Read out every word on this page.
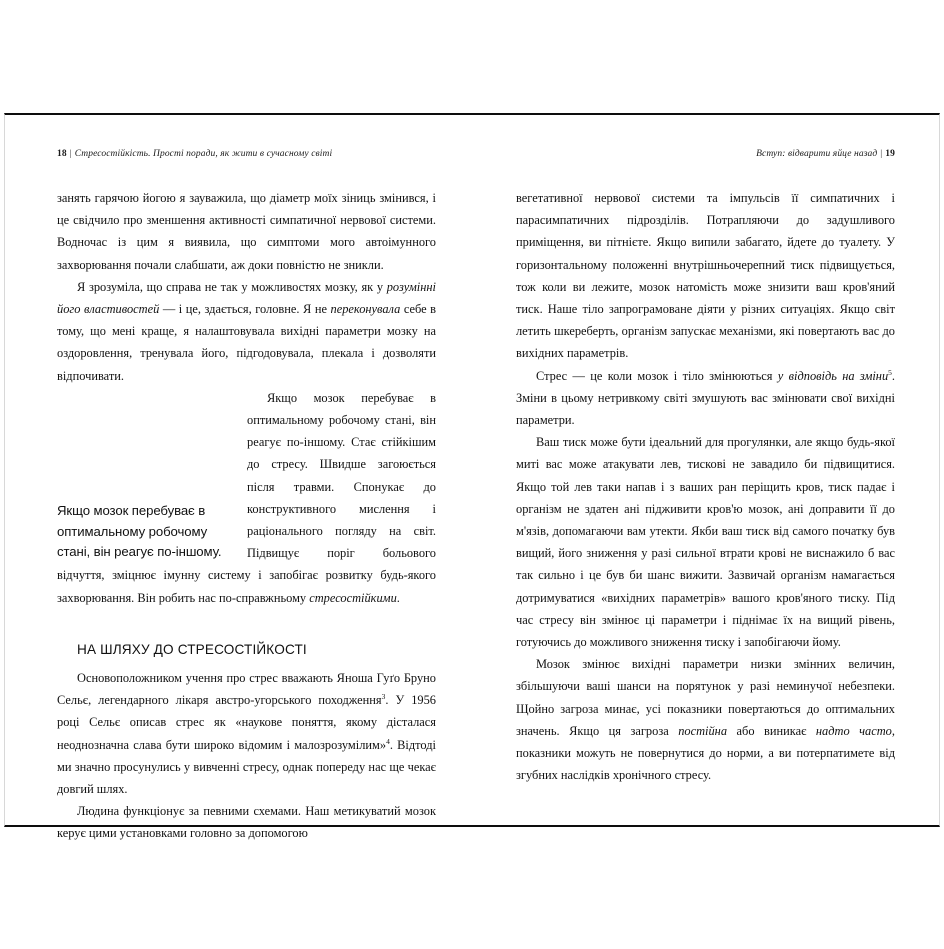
18 | Стресостійкість. Прості поради, як жити в сучасному світі

занять гарячою йогою я зауважила, що діаметр моїх зіниць змінився, і це свідчило про зменшення активності симпатичної нервової системи. Водночас із цим я виявила, що симптоми мого автоімунного захворювання почали слабшати, аж доки повністю не зникли.

Я зрозуміла, що справа не так у можливостях мозку, як у розумінні його властивостей — і це, здається, головне. Я не переконувала себе в тому, що мені краще, я налаштовувала вихідні параметри мозку на оздоровлення, тренувала його, підгодовувала, плекала і дозволяти відпочивати.

Якщо мозок перебуває в оптимальному робочому стані, він реагує по-іншому. Стає стійкішим до стресу. Швидше загоюється після травми. Спонукає до конструктивного мислення і раціонального погляду на світ. Підвищує поріг больового відчуття, зміцнює імунну систему і запобігає розвитку будь-якого захворювання. Він робить нас по-справжньому стресостійкими.

НА ШЛЯХУ ДО СТРЕСОСТІЙКОСТІ

Основоположником учення про стрес вважають Яноша Гуґо Бруно Сельє, легендарного лікаря австро-угорського походження$^3$. У 1956 році Сельє описав стрес як «наукове поняття, якому дісталася неоднозначна слава бути широко відомим і малозрозумілим»$^4$. Відтоді ми значно просунулись у вивченні стресу, однак попереду нас ще чекає довгий шлях.

Людина функціонує за певними схемами. Наш метикуватий мозок керує цими установками головно за допомогою

Якщо мозок перебуває в оптимальному робочому стані, він реагує по-іншому.
Вступ: відварити яйце назад | 19

вегетативної нервової системи та імпульсів її симпатичних і парасимпатичних підрозділів. Потрапляючи до задушливого приміщення, ви пітнієте. Якщо випили забагато, йдете до туалету. У горизонтальному положенні внутрішньочерепний тиск підвищується, тож коли ви лежите, мозок натомість може знизити ваш кров'яний тиск. Наше тіло запрограмоване діяти у різних ситуаціях. Якщо світ летить шкереберть, організм запускає механізми, які повертають вас до вихідних параметрів.

Стрес — це коли мозок і тіло змінюються у відповідь на зміни$^5$. Зміни в цьому нетривкому світі змушують вас змінювати свої вихідні параметри.

Ваш тиск може бути ідеальний для прогулянки, але якщо будь-якої миті вас може атакувати лев, тискові не завадило би підвищитися. Якщо той лев таки напав і з ваших ран періщить кров, тиск падає і організм не здатен ані підживити кров'ю мозок, ані доправити її до м'язів, допомагаючи вам утекти. Якби ваш тиск від самого початку був вищий, його зниження у разі сильної втрати крові не виснажило б вас так сильно і це був би шанс вижити. Зазвичай організм намагається дотримуватися «вихідних параметрів» вашого кров'яного тиску. Під час стресу він змінює ці параметри і піднімає їх на вищий рівень, готуючись до можливого зниження тиску і запобігаючи йому.

Мозок змінює вихідні параметри низки змінних величин, збільшуючи ваші шанси на порятунок у разі неминучої небезпеки. Щойно загроза минає, усі показники повертаються до оптимальних значень. Якщо ця загроза постійна або виникає надто часто, показники можуть не повернутися до норми, а ви потерпатимете від згубних наслідків хронічного стресу.
